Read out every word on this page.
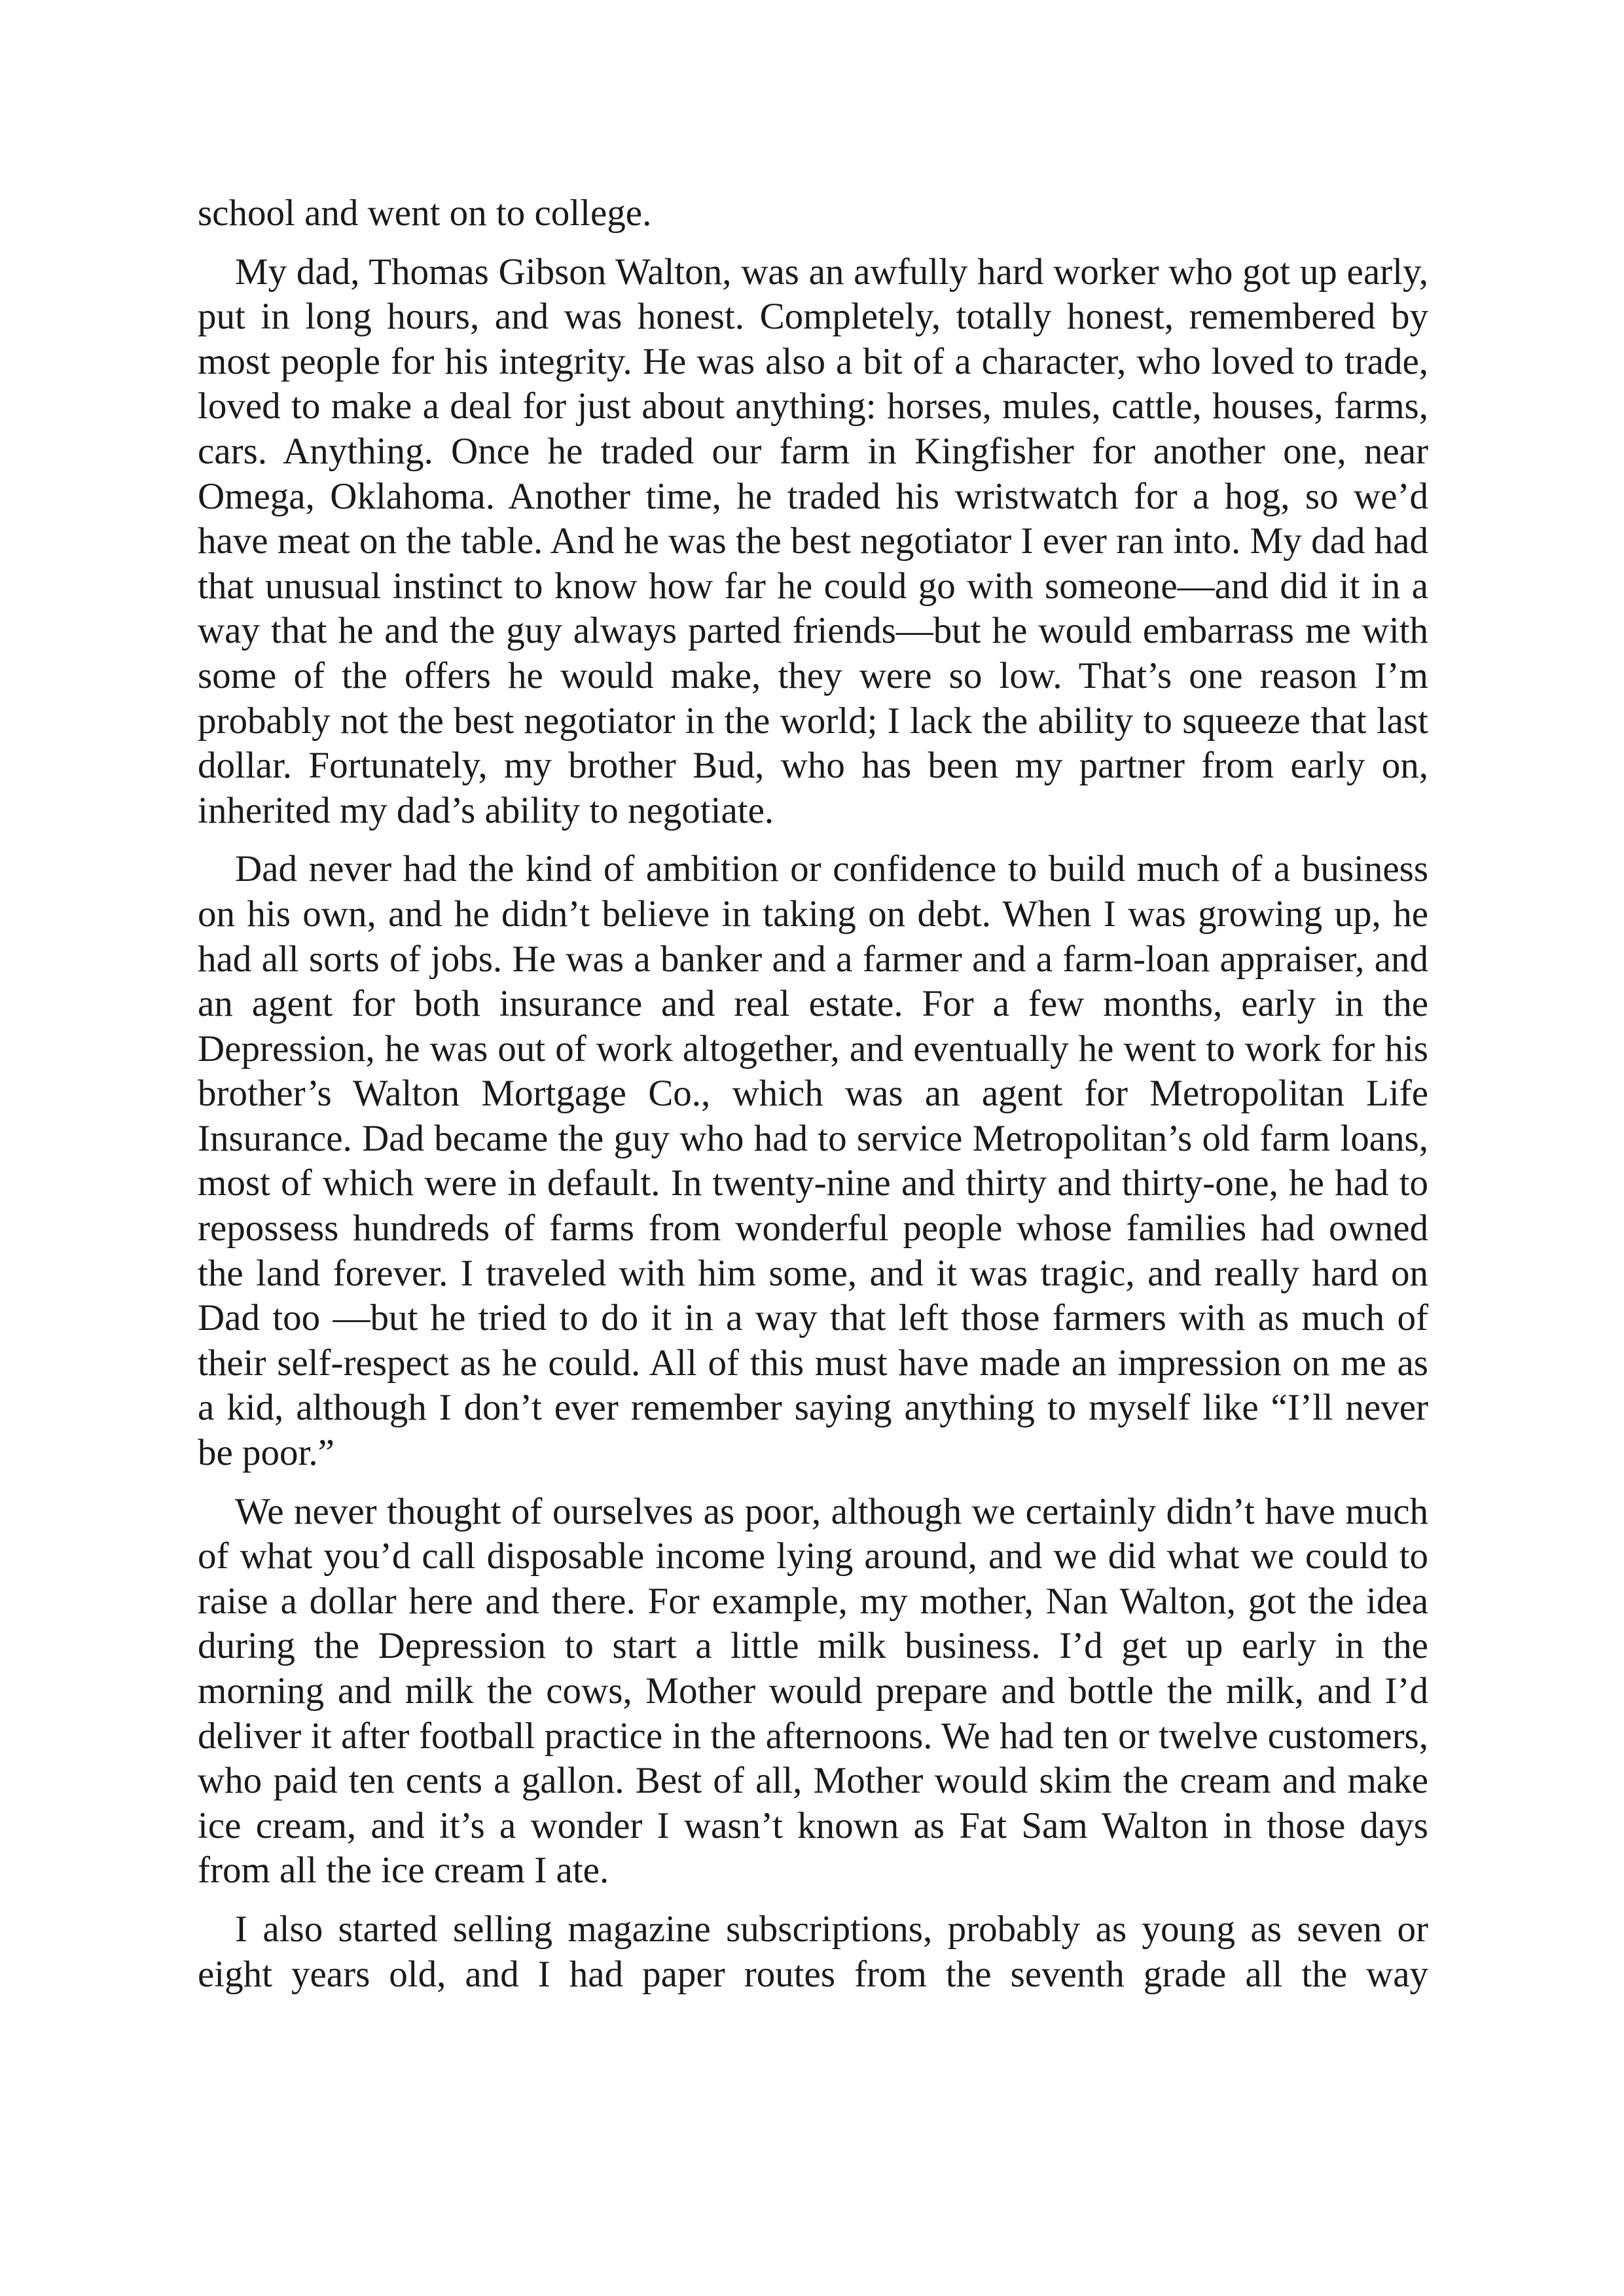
school and went on to college.

My dad, Thomas Gibson Walton, was an awfully hard worker who got up early, put in long hours, and was honest. Completely, totally honest, remembered by most people for his integrity. He was also a bit of a character, who loved to trade, loved to make a deal for just about anything: horses, mules, cattle, houses, farms, cars. Anything. Once he traded our farm in Kingfisher for another one, near Omega, Oklahoma. Another time, he traded his wristwatch for a hog, so we’d have meat on the table. And he was the best negotiator I ever ran into. My dad had that unusual instinct to know how far he could go with someone—and did it in a way that he and the guy always parted friends—but he would embarrass me with some of the offers he would make, they were so low. That’s one reason I’m probably not the best negotiator in the world; I lack the ability to squeeze that last dollar. Fortunately, my brother Bud, who has been my partner from early on, inherited my dad’s ability to negotiate.

Dad never had the kind of ambition or confidence to build much of a business on his own, and he didn’t believe in taking on debt. When I was growing up, he had all sorts of jobs. He was a banker and a farmer and a farm-loan appraiser, and an agent for both insurance and real estate. For a few months, early in the Depression, he was out of work altogether, and eventually he went to work for his brother’s Walton Mortgage Co., which was an agent for Metropolitan Life Insurance. Dad became the guy who had to service Metropolitan’s old farm loans, most of which were in default. In twenty-nine and thirty and thirty-one, he had to repossess hundreds of farms from wonderful people whose families had owned the land forever. I traveled with him some, and it was tragic, and really hard on Dad too —but he tried to do it in a way that left those farmers with as much of their self-respect as he could. All of this must have made an impression on me as a kid, although I don’t ever remember saying anything to myself like “I’ll never be poor.”

We never thought of ourselves as poor, although we certainly didn’t have much of what you’d call disposable income lying around, and we did what we could to raise a dollar here and there. For example, my mother, Nan Walton, got the idea during the Depression to start a little milk business. I’d get up early in the morning and milk the cows, Mother would prepare and bottle the milk, and I’d deliver it after football practice in the afternoons. We had ten or twelve customers, who paid ten cents a gallon. Best of all, Mother would skim the cream and make ice cream, and it’s a wonder I wasn’t known as Fat Sam Walton in those days from all the ice cream I ate.

I also started selling magazine subscriptions, probably as young as seven or eight years old, and I had paper routes from the seventh grade all the way
